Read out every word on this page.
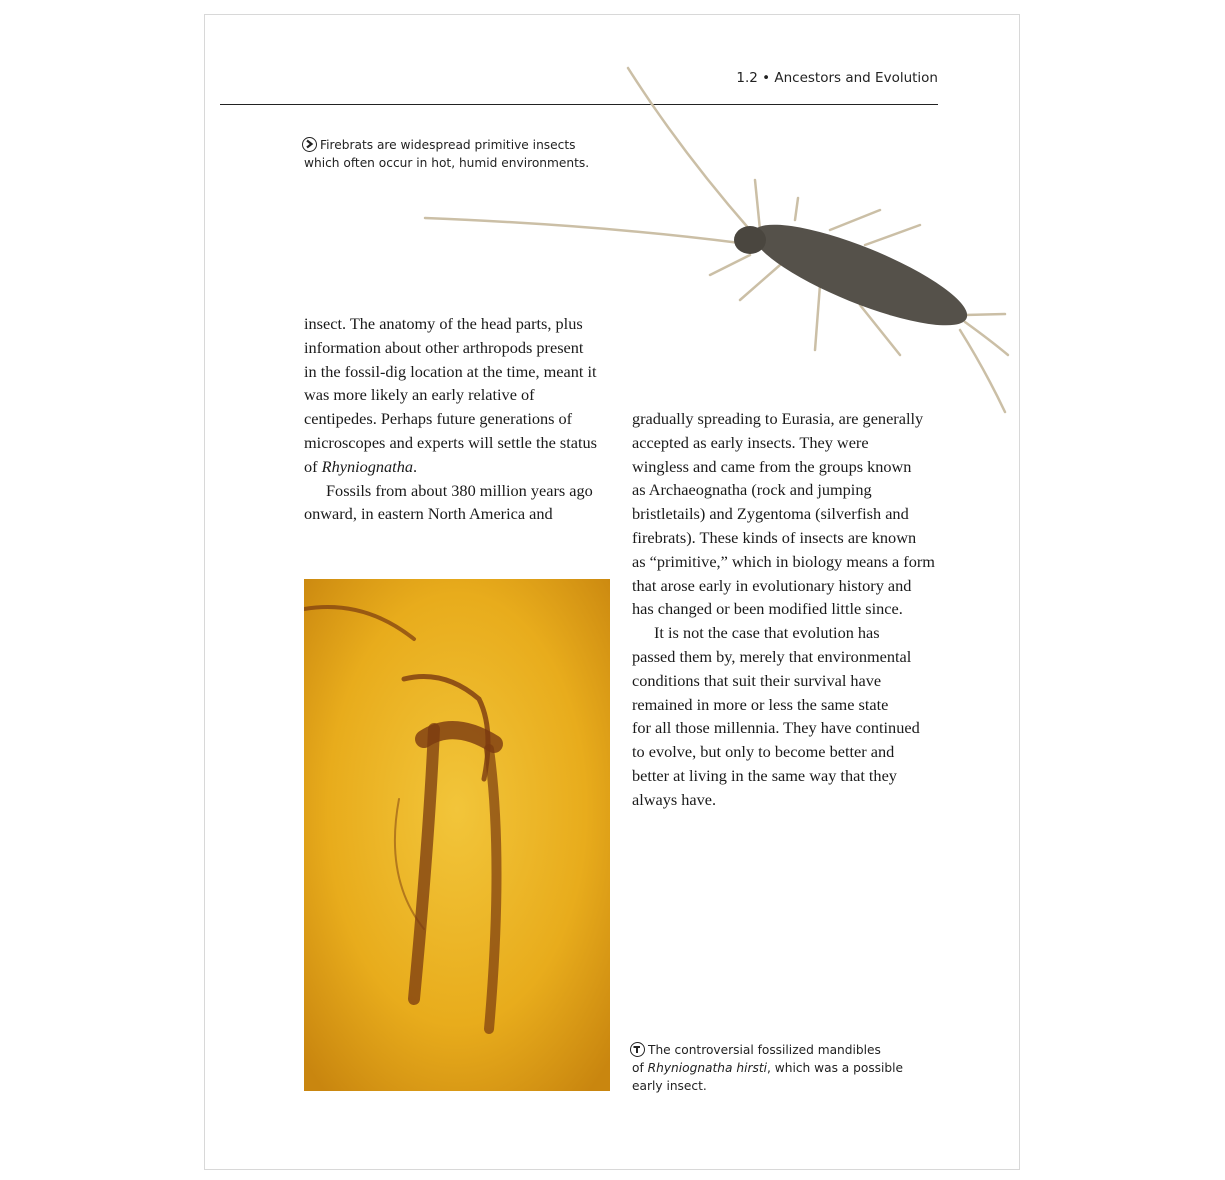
1.2 • Ancestors and Evolution
Firebrats are widespread primitive insects
which often occur in hot, humid environments.
insect. The anatomy of the head parts, plus
information about other arthropods present
in the fossil-dig location at the time, meant it
was more likely an early relative of
centipedes. Perhaps future generations of
microscopes and experts will settle the status
of Rhyniognatha.
Fossils from about 380 million years ago
onward, in eastern North America and
gradually spreading to Eurasia, are generally
accepted as early insects. They were
wingless and came from the groups known
as Archaeognatha (rock and jumping
bristletails) and Zygentoma (silverfish and
firebrats). These kinds of insects are known
as “primitive,” which in biology means a form
that arose early in evolutionary history and
has changed or been modified little since.
It is not the case that evolution has
passed them by, merely that environmental
conditions that suit their survival have
remained in more or less the same state
for all those millennia. They have continued
to evolve, but only to become better and
better at living in the same way that they
always have.
The controversial fossilized mandibles
of Rhyniognatha hirsti, which was a possible
early insect.
